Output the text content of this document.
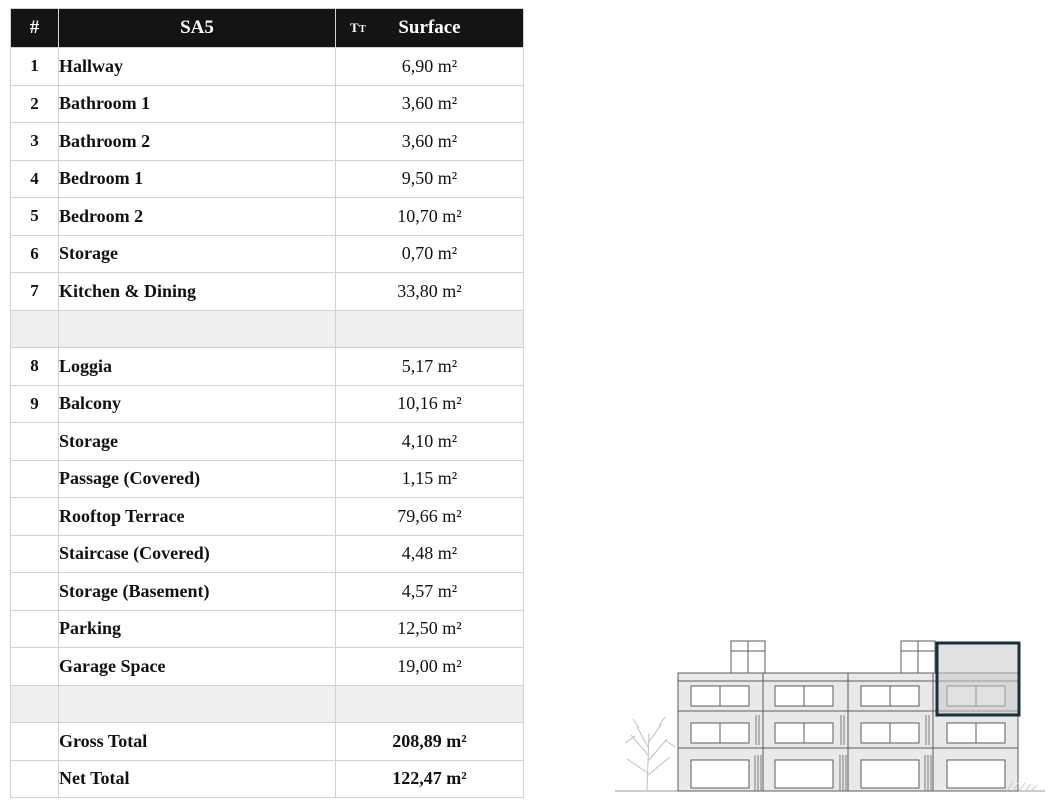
#	SA5	TT Surface
1	Hallway	6,90 m²
2	Bathroom 1	3,60 m²
3	Bathroom 2	3,60 m²
4	Bedroom 1	9,50 m²
5	Bedroom 2	10,70 m²
6	Storage	0,70 m²
7	Kitchen & Dining	33,80 m²

8	Loggia	5,17 m²
9	Balcony	10,16 m²
	Storage	4,10 m²
	Passage (Covered)	1,15 m²
	Rooftop Terrace	79,66 m²
	Staircase (Covered)	4,48 m²
	Storage (Basement)	4,57 m²
	Parking	12,50 m²
	Garage Space	19,00 m²

	Gross Total	208,89 m²
	Net Total	122,47 m²
